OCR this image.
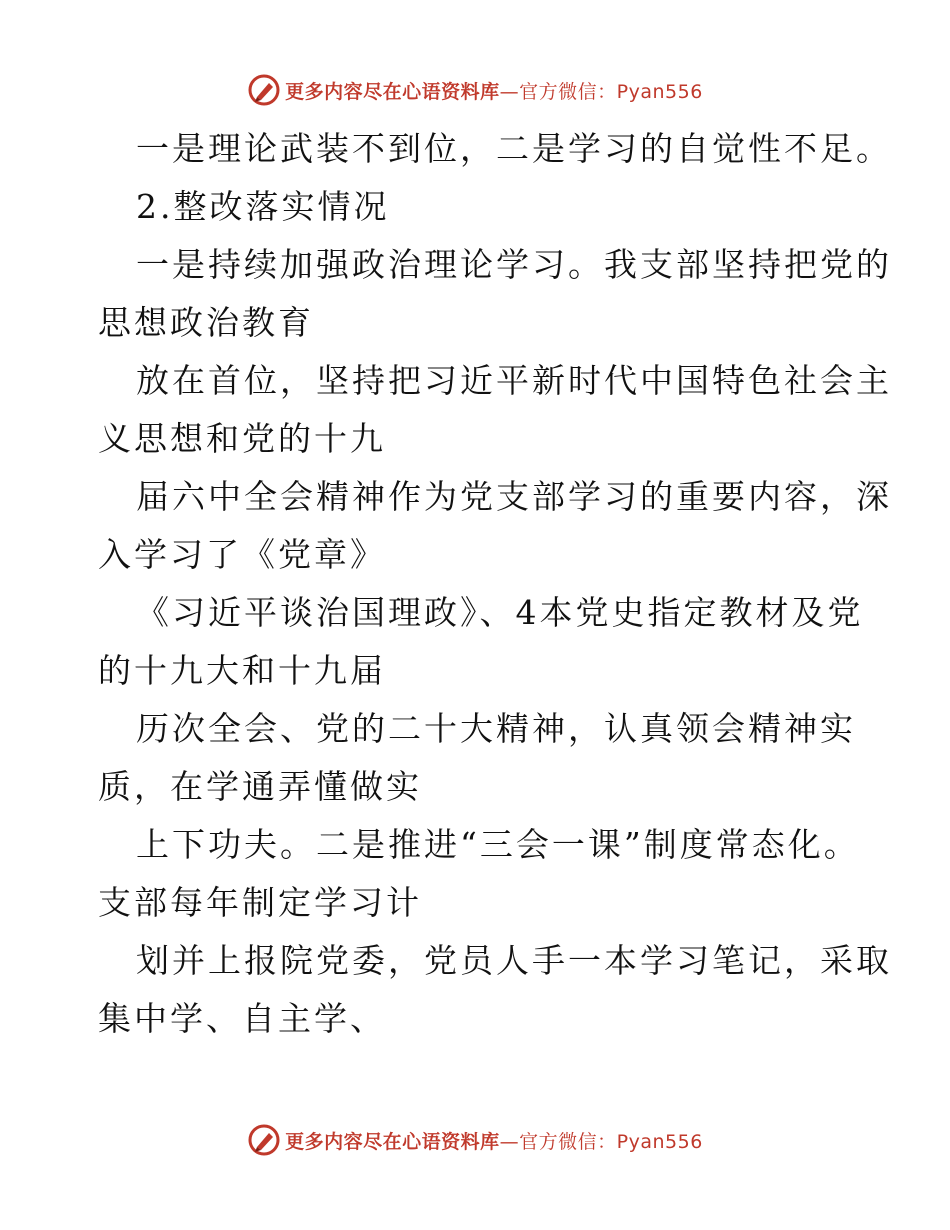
更多内容尽在心语资料库—官方微信：Pyan556
一是理论武装不到位，二是学习的自觉性不足。
2.整改落实情况
一是持续加强政治理论学习。我支部坚持把党的
思想政治教育
放在首位，坚持把习近平新时代中国特色社会主
义思想和党的十九
届六中全会精神作为党支部学习的重要内容，深
入学习了《党章》
《习近平谈治国理政》、4本党史指定教材及党
的十九大和十九届
历次全会、党的二十大精神，认真领会精神实
质，在学通弄懂做实
上下功夫。二是推进“三会一课”制度常态化。
支部每年制定学习计
划并上报院党委，党员人手一本学习笔记，采取
集中学、自主学、
更多内容尽在心语资料库—官方微信：Pyan556
